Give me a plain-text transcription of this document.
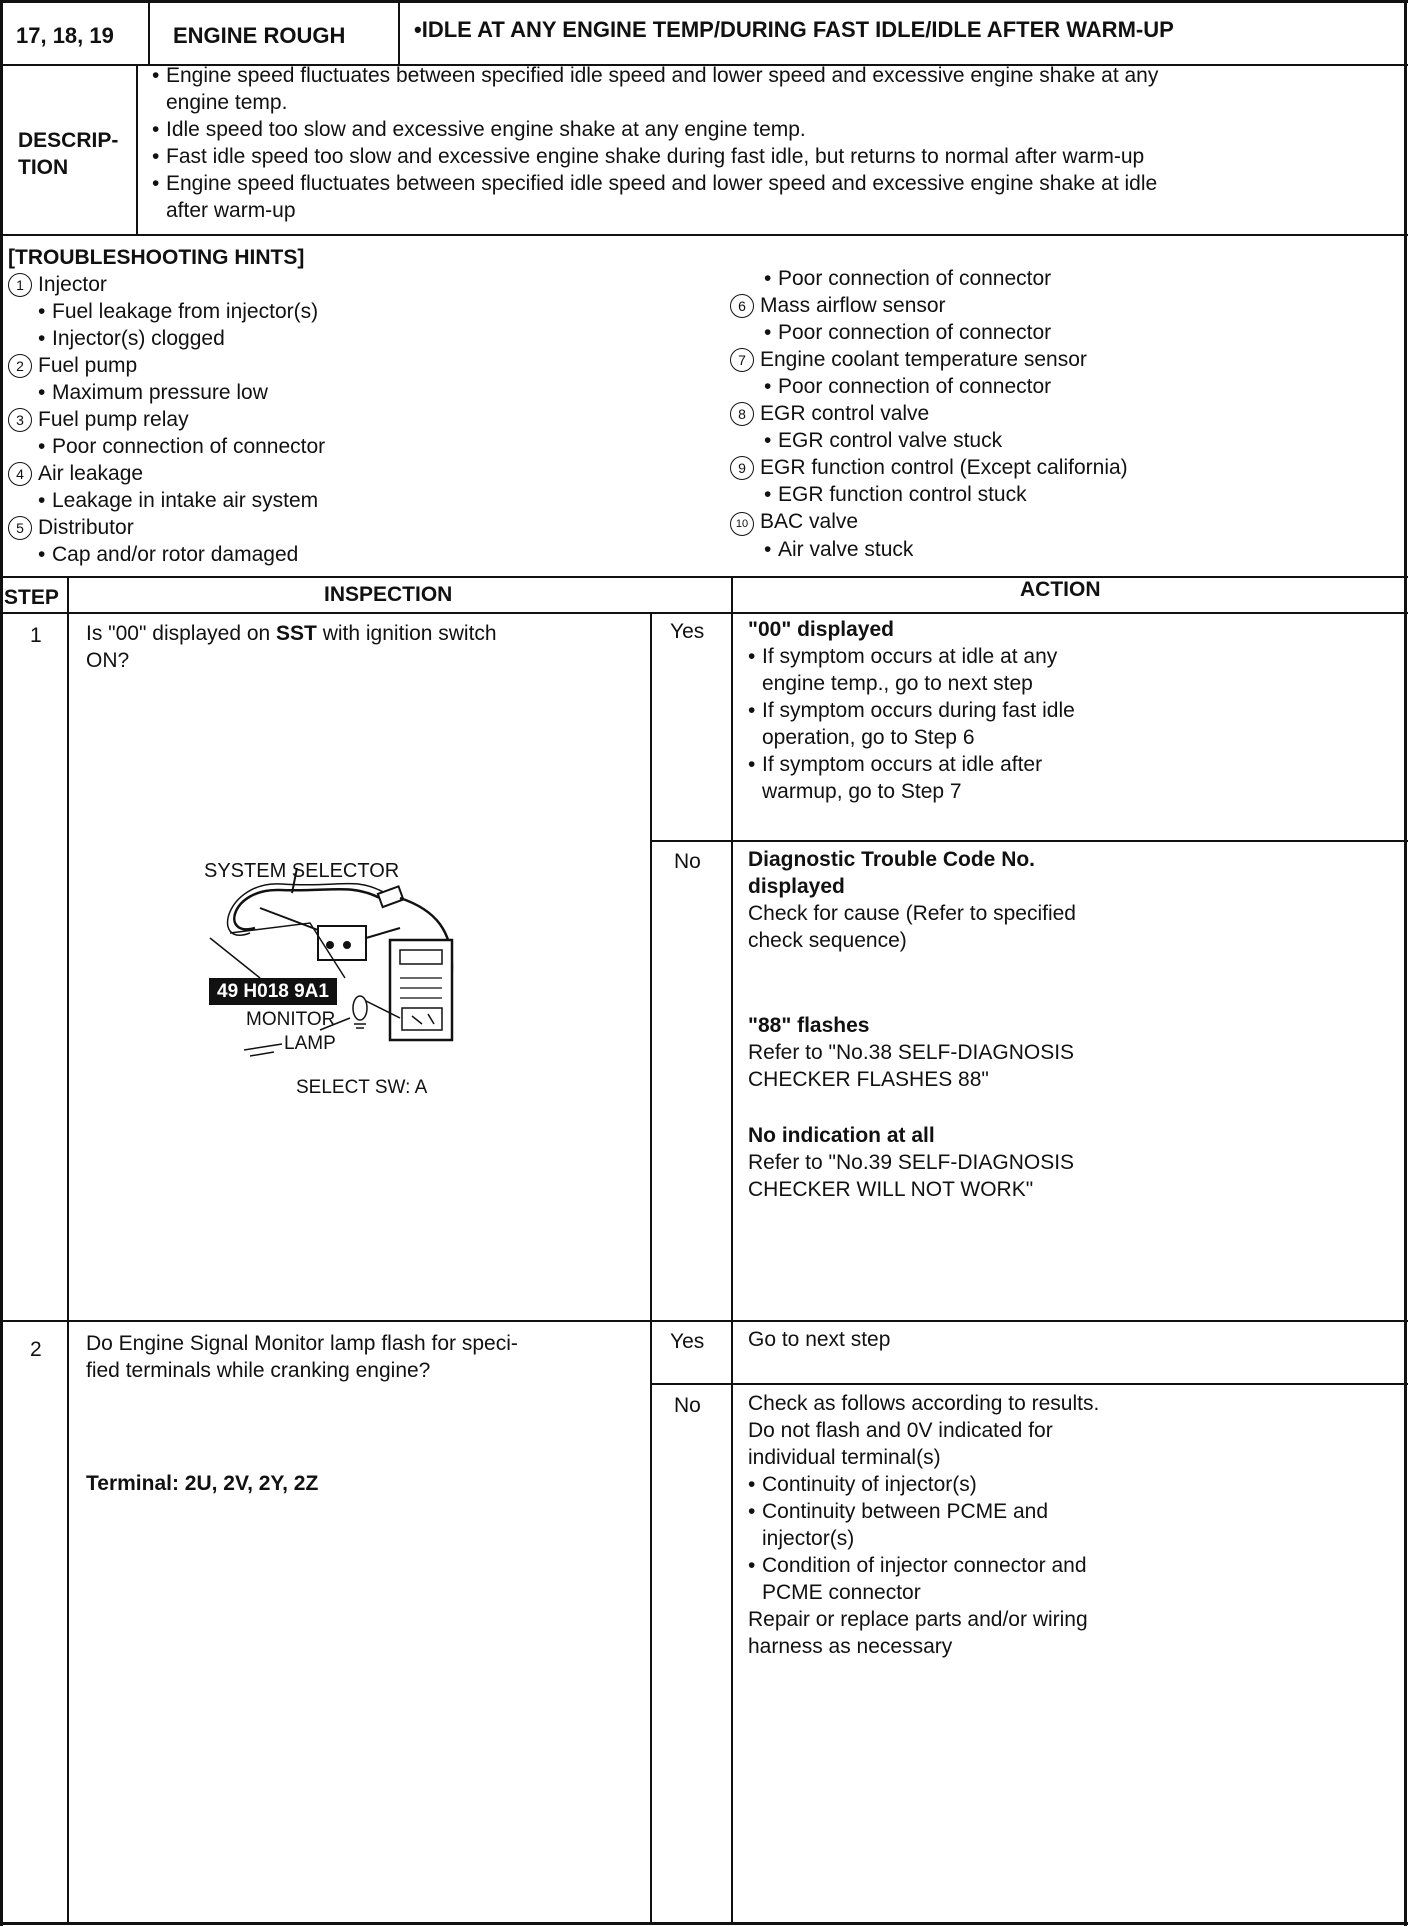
17, 18, 19	ENGINE ROUGH	•IDLE AT ANY ENGINE TEMP/DURING FAST IDLE/IDLE AFTER WARM-UP
DESCRIP-
TION
• Engine speed fluctuates between specified idle speed and lower speed and excessive engine shake at any
engine temp.
• Idle speed too slow and excessive engine shake at any engine temp.
• Fast idle speed too slow and excessive engine shake during fast idle, but returns to normal after warm-up
• Engine speed fluctuates between specified idle speed and lower speed and excessive engine shake at idle
after warm-up
[TROUBLESHOOTING HINTS]
1 Injector
• Fuel leakage from injector(s)
• Injector(s) clogged
2 Fuel pump
• Maximum pressure low
3 Fuel pump relay
• Poor connection of connector
4 Air leakage
• Leakage in intake air system
5 Distributor
• Cap and/or rotor damaged
• Poor connection of connector
6 Mass airflow sensor
• Poor connection of connector
7 Engine coolant temperature sensor
• Poor connection of connector
8 EGR control valve
• EGR control valve stuck
9 EGR function control (Except california)
• EGR function control stuck
10 BAC valve
• Air valve stuck
STEP	INSPECTION	ACTION
1 Is "00" displayed on SST with ignition switch
ON?
SYSTEM SELECTOR
49 H018 9A1
MONITOR
LAMP
SELECT SW: A
Yes "00" displayed
• If symptom occurs at idle at any
engine temp., go to next step
• If symptom occurs during fast idle
operation, go to Step 6
• If symptom occurs at idle after
warmup, go to Step 7
No Diagnostic Trouble Code No.
displayed
Check for cause (Refer to specified
check sequence)
"88" flashes
Refer to "No.38 SELF-DIAGNOSIS
CHECKER FLASHES 88"
No indication at all
Refer to "No.39 SELF-DIAGNOSIS
CHECKER WILL NOT WORK"
2 Do Engine Signal Monitor lamp flash for speci-
fied terminals while cranking engine?
Terminal: 2U, 2V, 2Y, 2Z
Yes Go to next step
No Check as follows according to results.
Do not flash and 0V indicated for
individual terminal(s)
• Continuity of injector(s)
• Continuity between PCME and
injector(s)
• Condition of injector connector and
PCME connector
Repair or replace parts and/or wiring
harness as necessary
